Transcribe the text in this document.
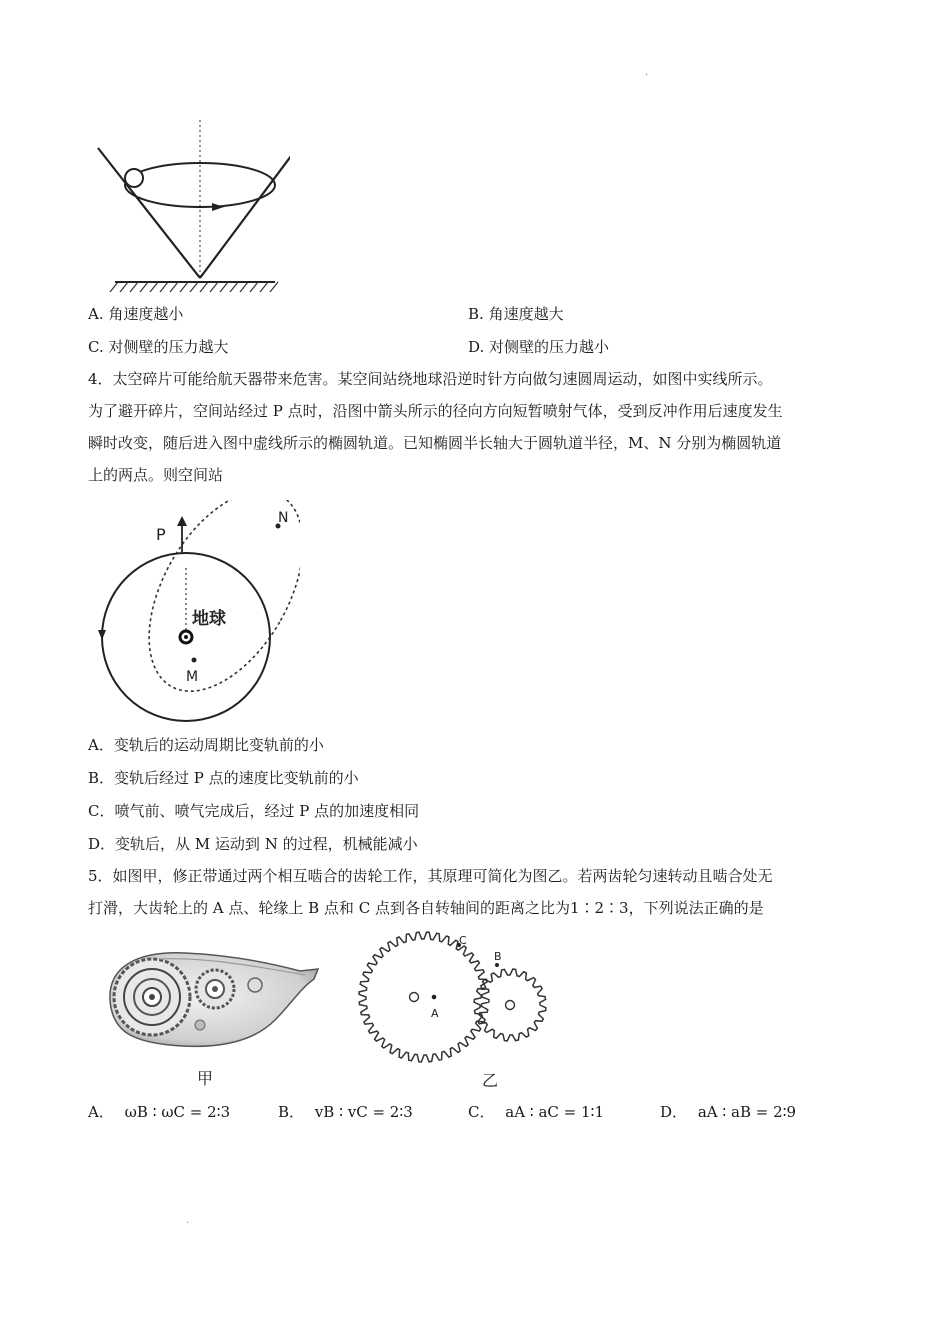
·
·
A. 角速度越小	B. 角速度越大
C. 对侧壁的压力越大	D. 对侧壁的压力越小

4．太空碎片可能给航天器带来危害。某空间站绕地球沿逆时针方向做匀速圆周运动，如图中实线所示。

为了避开碎片，空间站经过 P 点时，沿图中箭头所示的径向方向短暂喷射气体，受到反冲作用后速度发生

瞬时改变，随后进入图中虚线所示的椭圆轨道。已知椭圆半长轴大于圆轨道半径，M、N 分别为椭圆轨道

上的两点。则空间站

P
N
M
地球
A．变轨后的运动周期比变轨前的小
B．变轨后经过 P 点的速度比变轨前的小
C．喷气前、喷气完成后，经过 P 点的加速度相同
D．变轨后，从 M 运动到 N 的过程，机械能减小

5．如图甲，修正带通过两个相互啮合的齿轮工作，其原理可简化为图乙。若两齿轮匀速转动且啮合处无

打滑，大齿轮上的 A 点、轮缘上 B 点和 C 点到各自转轴间的距离之比为1∶2∶3，下列说法正确的是

甲
A
C
B
乙
A． ωB ∶ ωC = 2∶3	B． vB ∶ vC = 2∶3	C． aA ∶ aC = 1∶1	D． aA ∶ aB = 2∶9
